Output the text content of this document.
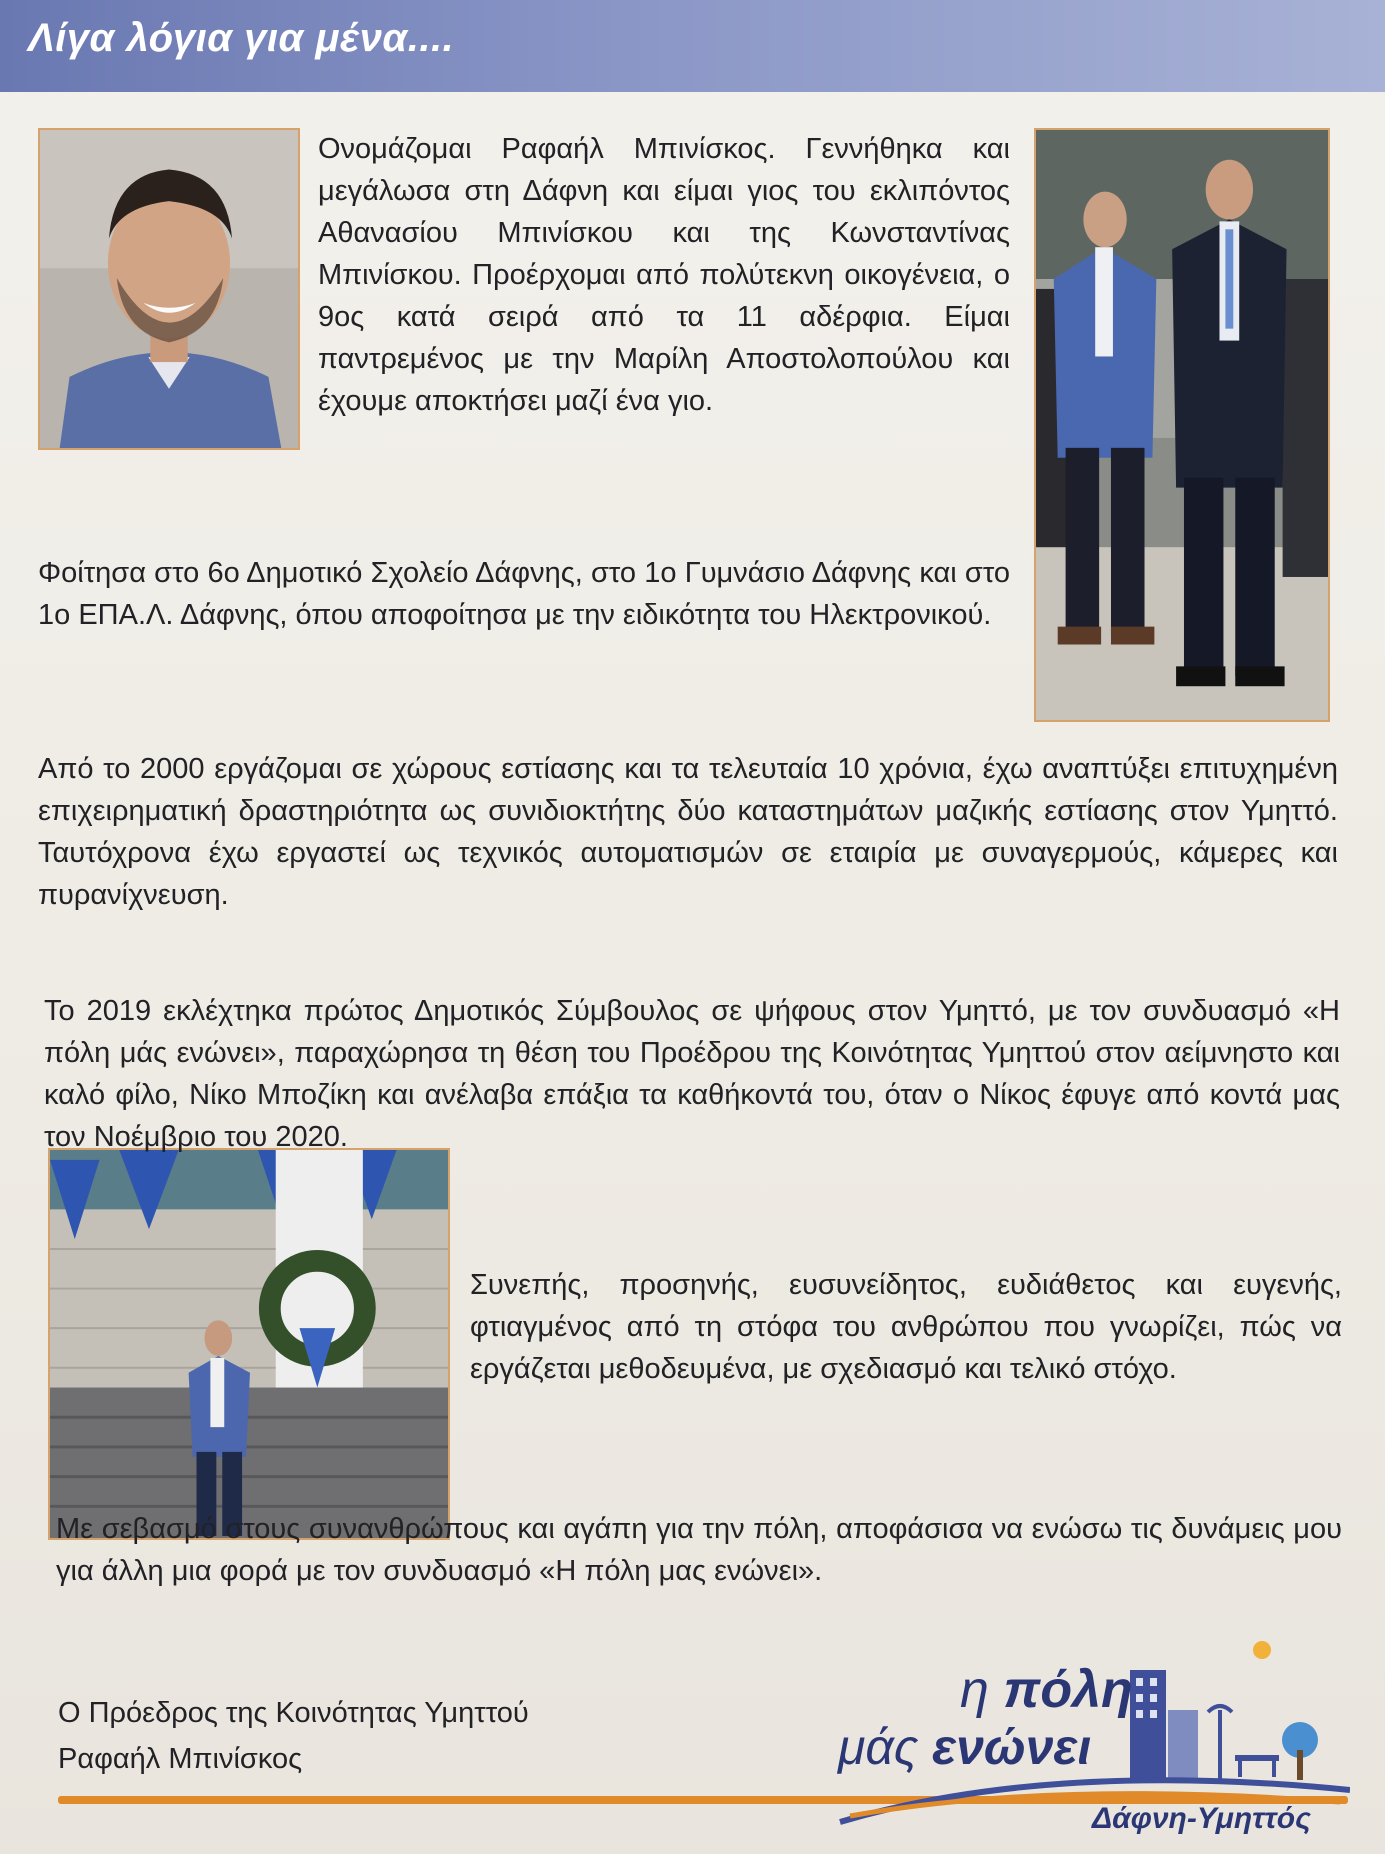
Λίγα λόγια για μένα....
Ονομάζομαι Ραφαήλ Μπινίσκος. Γεννήθηκα και μεγάλωσα στη Δάφνη και είμαι γιος του εκλιπόντος Αθανασίου Μπινίσκου και της Κωνσταντίνας Μπινίσκου. Προέρχομαι από πολύτεκνη οικογένεια, ο 9ος κατά σειρά από τα 11 αδέρφια. Είμαι παντρεμένος με την Μαρίλη Αποστολοπούλου και έχουμε αποκτήσει μαζί ένα γιο.
Φοίτησα στο 6ο Δημοτικό Σχολείο Δάφνης, στο 1ο Γυμνάσιο Δάφνης και στο 1ο ΕΠΑ.Λ. Δάφνης, όπου αποφοίτησα με την ειδικότητα του Ηλεκτρονικού.
Από το 2000 εργάζομαι σε χώρους εστίασης και τα τελευταία 10 χρόνια, έχω αναπτύξει επιτυχημένη επιχειρηματική δραστηριότητα ως συνιδιοκτήτης δύο καταστημάτων μαζικής εστίασης στον Υμηττό. Ταυτόχρονα έχω εργαστεί ως τεχνικός αυτοματισμών σε εταιρία με συναγερμούς, κάμερες και πυρανίχνευση.
Το 2019 εκλέχτηκα πρώτος Δημοτικός Σύμβουλος σε ψήφους στον Υμηττό, με τον συνδυασμό «Η πόλη μάς ενώνει», παραχώρησα τη θέση του Προέδρου της Κοινότητας Υμηττού στον αείμνηστο και καλό φίλο, Νίκο Μποζίκη και ανέλαβα επάξια τα καθήκοντά του, όταν ο Νίκος έφυγε από κοντά μας τον Νοέμβριο του 2020.
Συνεπής, προσηνής, ευσυνείδητος, ευδιάθετος και ευγενής, φτιαγμένος από τη στόφα του ανθρώπου που γνωρίζει, πώς να εργάζεται μεθοδευμένα, με σχεδιασμό και τελικό στόχο.
Με σεβασμό στους συνανθρώπους και αγάπη για την πόλη, αποφάσισα να ενώσω τις δυνάμεις μου για άλλη μια φορά με τον συνδυασμό «Η πόλη μας ενώνει».
Ο Πρόεδρος της Κοινότητας Υμηττού
Ραφαήλ Μπινίσκος
η πόλη
μάς ενώνει
Δάφνη-Υμηττός
